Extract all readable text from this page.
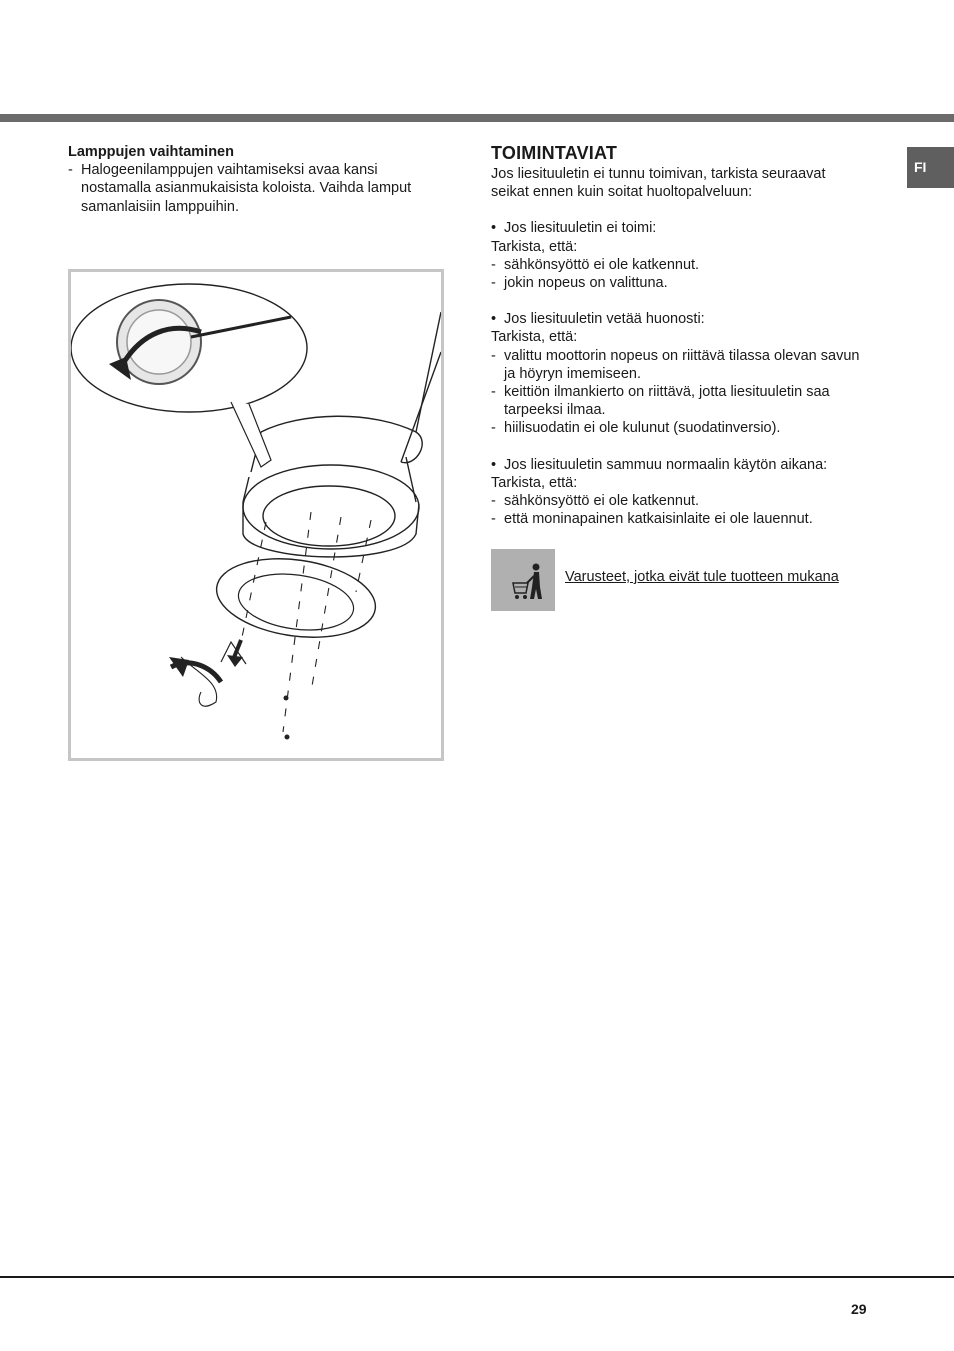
FI

Lamppujen vaihtaminen

- Halogeenilamppujen vaihtamiseksi avaa kansi
nostamalla asianmukaisista koloista. Vaihda lamput
samanlaisiin lamppuihin.

TOIMINTAVIAT

Jos liesituuletin ei tunnu toimivan, tarkista seuraavat

seikat ennen kuin soitat huoltopalveluun:

• Jos liesituuletin ei toimi:

Tarkista, että:

- sähkönsyöttö ei ole katkennut.
- jokin nopeus on valittuna.
• Jos liesituuletin vetää huonosti:

Tarkista, että:

- valittu moottorin nopeus on riittävä tilassa olevan savun
ja höyryn imemiseen.
- keittiön ilmankierto on riittävä, jotta liesituuletin saa
tarpeeksi ilmaa.
- hiilisuodatin ei ole kulunut (suodatinversio).
• Jos liesituuletin sammuu normaalin käytön aikana:

Tarkista, että:

- sähkönsyöttö ei ole katkennut.
- että moninapainen katkaisinlaite ei ole lauennut.
Varusteet, jotka eivät tule tuotteen mukana
29
